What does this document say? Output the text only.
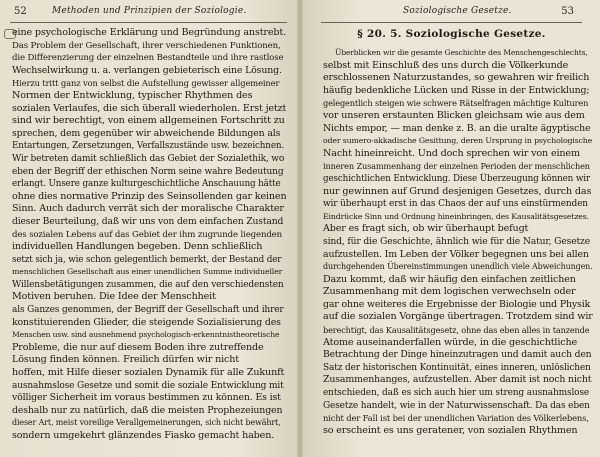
52	Methoden und Prinzipien der Soziologie.
eine psychologische Erklärung und Begründung anstrebt.
Das Problem der Gesellschaft, ihrer verschiedenen Funktionen,
die Differenzierung der einzelnen Bestandteile und ihre rastlose
Wechselwirkung u. a. verlangen gebieterisch eine Lösung.
Hierzu tritt ganz von selbst die Aufstellung gewisser allgemeiner
Normen der Entwicklung, typischer Rhythmen des
sozialen Verlaufes, die sich überall wiederholen. Erst jetzt
sind wir berechtigt, von einem allgemeinen Fortschritt zu
sprechen, dem gegenüber wir abweichende Bildungen als
Entartungen, Zersetzungen, Verfallszustände usw. bezeichnen.
Wir betreten damit schließlich das Gebiet der Sozialethik, wo
eben der Begriff der ethischen Norm seine wahre Bedeutung
erlangt. Unsere ganze kulturgeschichtliche Anschauung hätte
ohne dies normative Prinzip des Seinsollenden gar keinen
Sinn. Auch dadurch verrät sich der moralische Charakter
dieser Beurteilung, daß wir uns von dem einfachen Zustand
des sozialen Lebens auf das Gebiet der ihm zugrunde liegenden
individuellen Handlungen begeben. Denn schließlich
setzt sich ja, wie schon gelegentlich bemerkt, der Bestand der
menschlichen Gesellschaft aus einer unendlichen Summe individueller
Willensbetätigungen zusammen, die auf den verschiedensten
Motiven beruhen. Die Idee der Menschheit
als Ganzes genommen, der Begriff der Gesellschaft und ihrer
konstituierenden Glieder, die steigende Sozialisierung des
Menschen usw. sind ausnehmend psychologisch-erkenntnistheoretische
Probleme, die nur auf diesem Boden ihre zutreffende
Lösung finden können. Freilich dürfen wir nicht
hoffen, mit Hilfe dieser sozialen Dynamik für alle Zukunft
ausnahmslose Gesetze und somit die soziale Entwicklung mit
völliger Sicherheit im voraus bestimmen zu können. Es ist
deshalb nur zu natürlich, daß die meisten Prophezeiungen
dieser Art, meist voreilige Verallgemeinerungen, sich nicht bewährt,
sondern umgekehrt glänzendes Fiasko gemacht haben.
Soziologische Gesetze.	53
§ 20. 5. Soziologische Gesetze.
Überblicken wir die gesamte Geschichte des Menschengeschlechts,
selbst mit Einschluß des uns durch die Völkerkunde
erschlossenen Naturzustandes, so gewahren wir freilich
häufig bedenkliche Lücken und Risse in der Entwicklung;
gelegentlich steigen wie schwere Rätselfragen mächtige Kulturen
vor unseren erstaunten Blicken gleichsam wie aus dem
Nichts empor, — man denke z. B. an die uralte ägyptische
oder sumero-akkadische Gesittung, deren Ursprung in psychologische
Nacht hineinreicht. Und doch sprechen wir von einem
inneren Zusammenhang der einzelnen Perioden der menschlichen
geschichtlichen Entwicklung. Diese Überzeugung können wir
nur gewinnen auf Grund desjenigen Gesetzes, durch das
wir überhaupt erst in das Chaos der auf uns einstürmenden
Eindrücke Sinn und Ordnung hineinbringen, des Kausalitätsgesetzes.
Aber es fragt sich, ob wir überhaupt befugt
sind, für die Geschichte, ähnlich wie für die Natur, Gesetze
aufzustellen. Im Leben der Völker begegnen uns bei allen
durchgehenden Übereinstimmungen unendlich viele Abweichungen.
Dazu kommt, daß wir häufig den einfachen zeitlichen
Zusammenhang mit dem logischen verwechseln oder
gar ohne weiteres die Ergebnisse der Biologie und Physik
auf die sozialen Vorgänge übertragen. Trotzdem sind wir
berechtigt, das Kausalitätsgesetz, ohne das eben alles in tanzende
Atome auseinanderfallen würde, in die geschichtliche
Betrachtung der Dinge hineinzutragen und damit auch den
Satz der historischen Kontinuität, eines inneren, unlöslichen
Zusammenhanges, aufzustellen. Aber damit ist noch nicht
entschieden, daß es sich auch hier um streng ausnahmslose
Gesetze handelt, wie in der Naturwissenschaft. Da das eben
nicht der Fall ist bei der unendlichen Variation des Völkerlebens,
so erscheint es uns geratener, von sozialen Rhythmen
